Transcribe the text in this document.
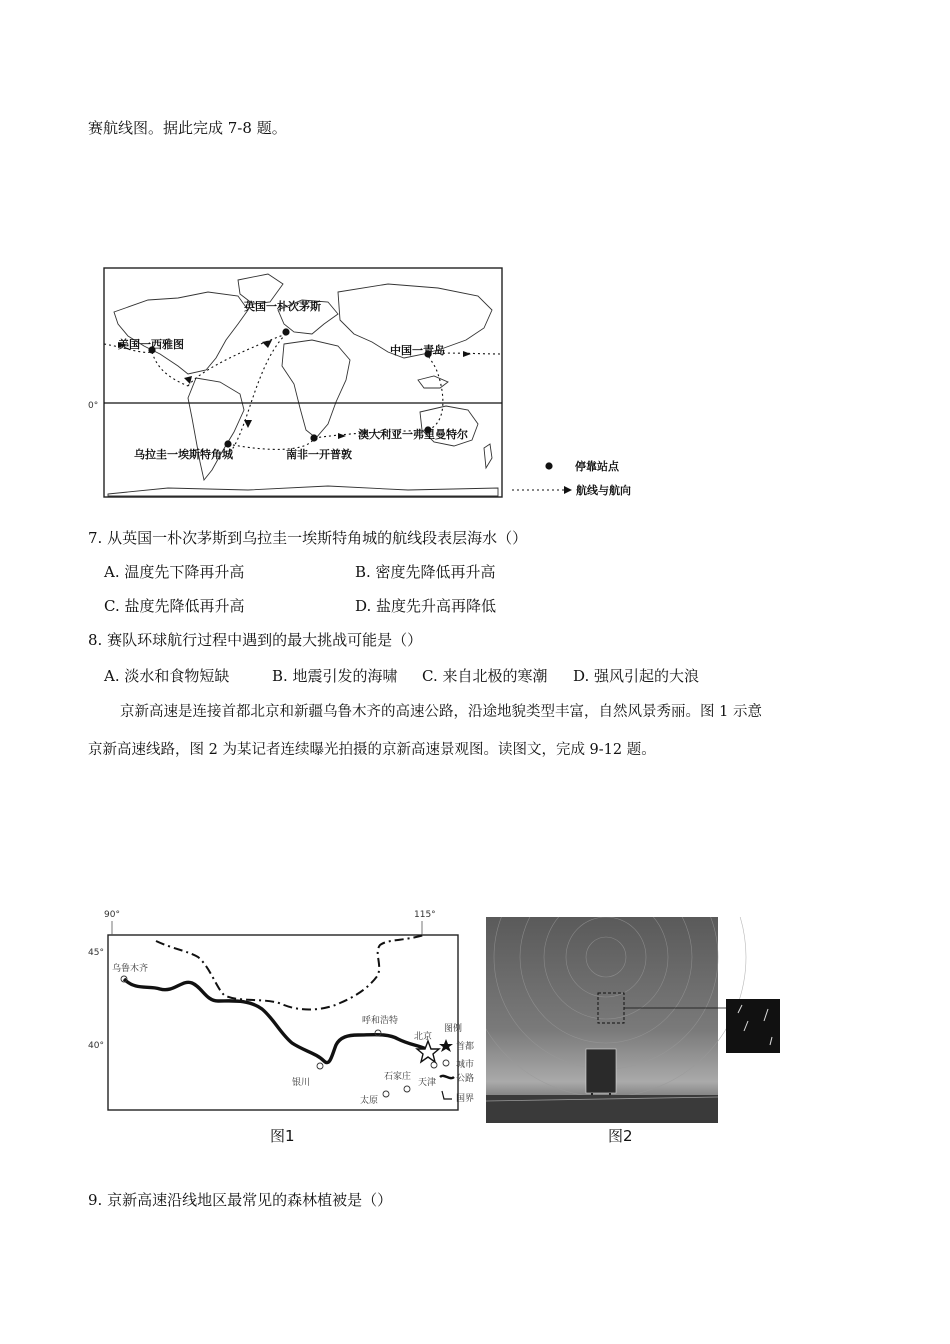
赛航线图。据此完成 7-8 题。
0°
英国一朴次茅斯
美国一西雅图	中国一青岛
澳大利亚一弗里曼特尔
乌拉圭一埃斯特角城	南非一开普敦
停靠站点
航线与航向
7. 从英国一朴次茅斯到乌拉圭一埃斯特角城的航线段表层海水（）
A. 温度先下降再升高	B. 密度先降低再升高
C. 盐度先降低再升高	D. 盐度先升高再降低
8. 赛队环球航行过程中遇到的最大挑战可能是（）
A. 淡水和食物短缺	B. 地震引发的海啸 C. 来自北极的寒潮 D. 强风引起的大浪
京新高速是连接首都北京和新疆乌鲁木齐的高速公路，沿途地貌类型丰富，自然风景秀丽。图 1 示意
京新高速线路，图 2 为某记者连续曝光拍摄的京新高速景观图。读图文，完成 9-12 题。
90°	115°
45°
40°
乌鲁木齐
呼和浩特
北京
银川
石家庄
太原
天津
图例
首都
城市
公路
国界
图1	图2
9. 京新高速沿线地区最常见的森林植被是（）
